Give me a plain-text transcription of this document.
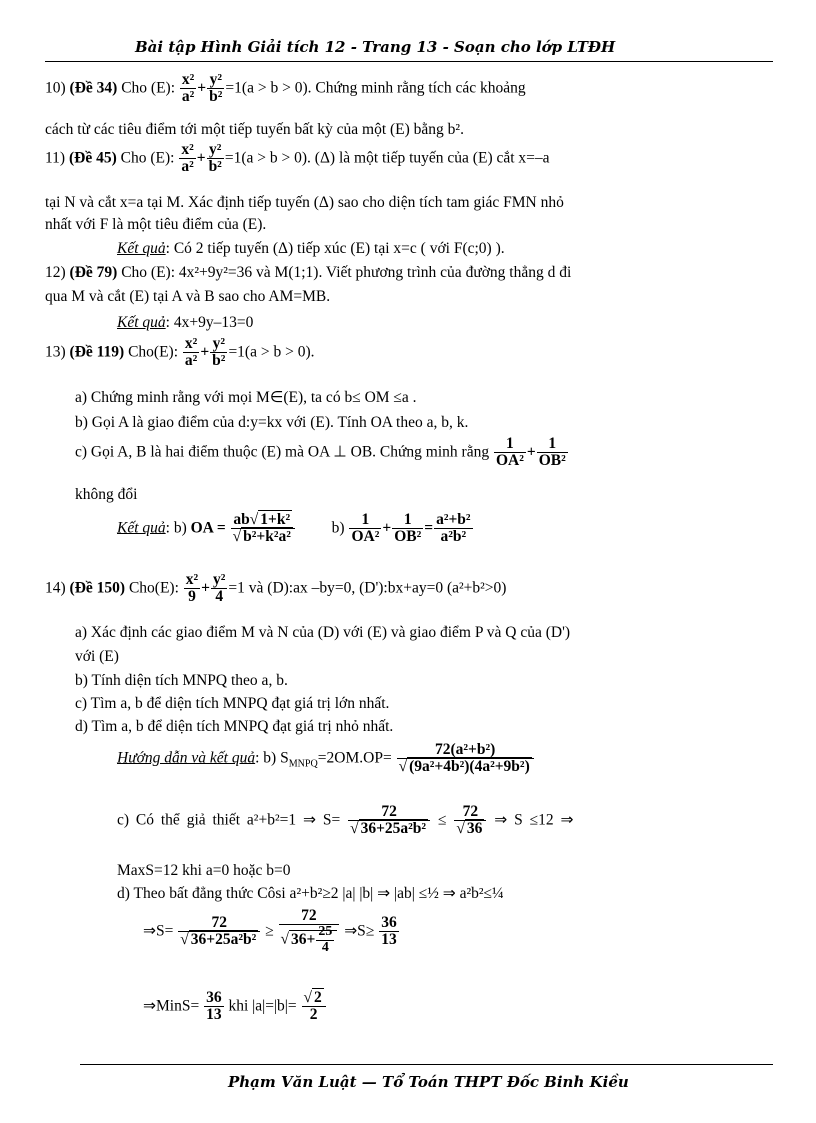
Bài tập Hình Giải tích 12 - Trang 13 - Soạn cho lớp LTĐH
10) (Đề 34) Cho (E): $\frac{\text{x²}}{\text{a²}} + \frac{\text{y²}}{\text{b²}} =1(a > b > 0)$. Chứng minh rằng tích các khoảng
cách từ các tiêu điểm tới một tiếp tuyến bất kỳ của một (E) bằng b².
11) (Đề 45) Cho (E): $\frac{\text{x²}}{\text{a²}} + \frac{\text{y²}}{\text{b²}} =1(a > b > 0)$. (Δ) là một tiếp tuyến của (E) cắt x=–a
tại N và cắt x=a tại M. Xác định tiếp tuyến (Δ) sao cho diện tích tam giác FMN nhỏ
nhất với F là một tiêu điểm của (E).
Kết quả: Có 2 tiếp tuyến (Δ) tiếp xúc (E) tại x=c ( với F(c;0) ).
12) (Đề 79) Cho (E): 4x²+9y²=36 và M(1;1). Viết phương trình của đường thẳng d đi
qua M và cắt (E) tại A và B sao cho AM=MB.
Kết quả: 4x+9y–13=0
13) (Đề 119) Cho(E): $\frac{\text{x²}}{\text{a²}} + \frac{\text{y²}}{\text{b²}} =1(a > b > 0)$.
a) Chứng minh rằng với mọi M∈(E), ta có b≤ OM ≤a .
b) Gọi A là giao điểm của d:y=kx với (E). Tính OA theo a, b, k.
c) Gọi A, B là hai điểm thuộc (E) mà OA ⊥ OB. Chứng minh rằng $\frac{1}{\text{OA²}} + \frac{1}{\text{OB²}}$
không đổi
Kết quả: b) OA = $\frac{\text{ab√ 1+k²}}{\text{√ b²+k²a²}} b) \frac{1}{\text{OA²}} + \frac{1}{\text{OB²}} = \frac{\text{a²+b²}}{\text{a²b²}}$
14) (Đề 150) Cho(E): $\frac{\text{x²}}{9} + \frac{\text{y²}}{4} =1$ và (D):ax –by=0, (D'):bx+ay=0 (a²+b²>0)
a) Xác định các giao điểm M và N của (D) với (E) và giao điểm P và Q của (D')
với (E)
b) Tính diện tích MNPQ theo a, b.
c) Tìm a, b để diện tích MNPQ đạt giá trị lớn nhất.
d) Tìm a, b để diện tích MNPQ đạt giá trị nhỏ nhất.
Hướng dẫn và kết quả: b) $S_{MNPQ}=2OM.OP= \frac{\text{72(a²+b²)}}{\text{√ (9a²+4b²)(4a²+9b²)}}$
c) Có thể giả thiết a²+b²=1 ⇒ $S= \frac{72}{\text{√ 36+25a²b²}} \le \frac{72}{√ 36}$ ⇒ S ≤12 ⇒
MaxS=12 khi a=0 hoặc b=0
d) Theo bất đẳng thức Côsi a²+b²≥2 |a| |b| ⇒ |ab| ≤½ ⇒ a²b²≤¼
⇒S= $\frac{72}{\text{√ 36+25a²b²}} \ge \frac{72}{√ 36+ \frac{25}{4}}$ ⇒S≥ $\frac{36}{13}$
⇒MinS= $\frac{36}{13}$ khi $|a|=|b|= \frac{√ 2}{2}$
Phạm Văn Luật — Tổ Toán THPT Đốc Binh Kiều
